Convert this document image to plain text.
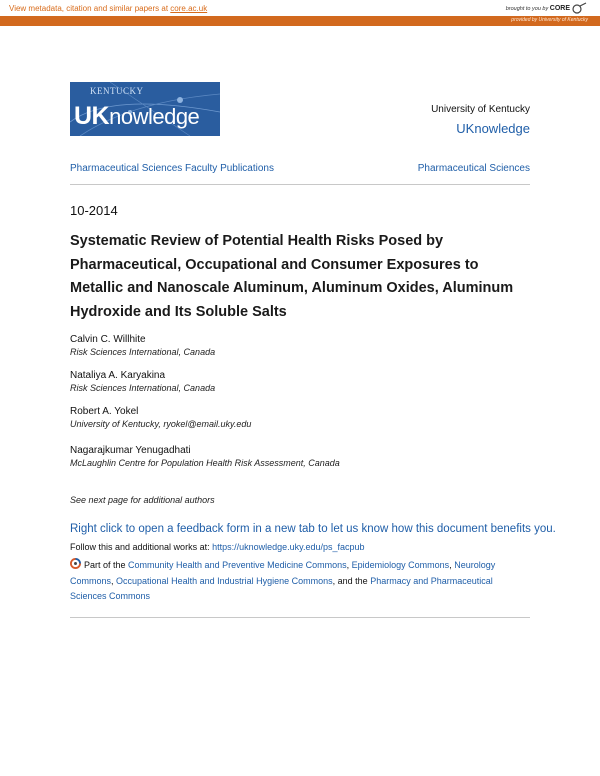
View metadata, citation and similar papers at core.ac.uk	brought to you by CORE
provided by University of Kentucky
KENTUCKY
UKnowledge	University of Kentucky
UKnowledge
Pharmaceutical Sciences Faculty Publications	Pharmaceutical Sciences
10-2014
Systematic Review of Potential Health Risks Posed by
Pharmaceutical, Occupational and Consumer Exposures to
Metallic and Nanoscale Aluminum, Aluminum Oxides, Aluminum
Hydroxide and Its Soluble Salts
Calvin C. Willhite
Risk Sciences International, Canada
Nataliya A. Karyakina
Risk Sciences International, Canada
Robert A. Yokel
University of Kentucky, ryokel@email.uky.edu
Nagarajkumar Yenugadhati
McLaughlin Centre for Population Health Risk Assessment, Canada
See next page for additional authors
Right click to open a feedback form in a new tab to let us know how this document benefits you.
Follow this and additional works at: https://uknowledge.uky.edu/ps_facpub
Part of the Community Health and Preventive Medicine Commons, Epidemiology Commons, Neurology Commons, Occupational Health and Industrial Hygiene Commons, and the Pharmacy and Pharmaceutical Sciences Commons
